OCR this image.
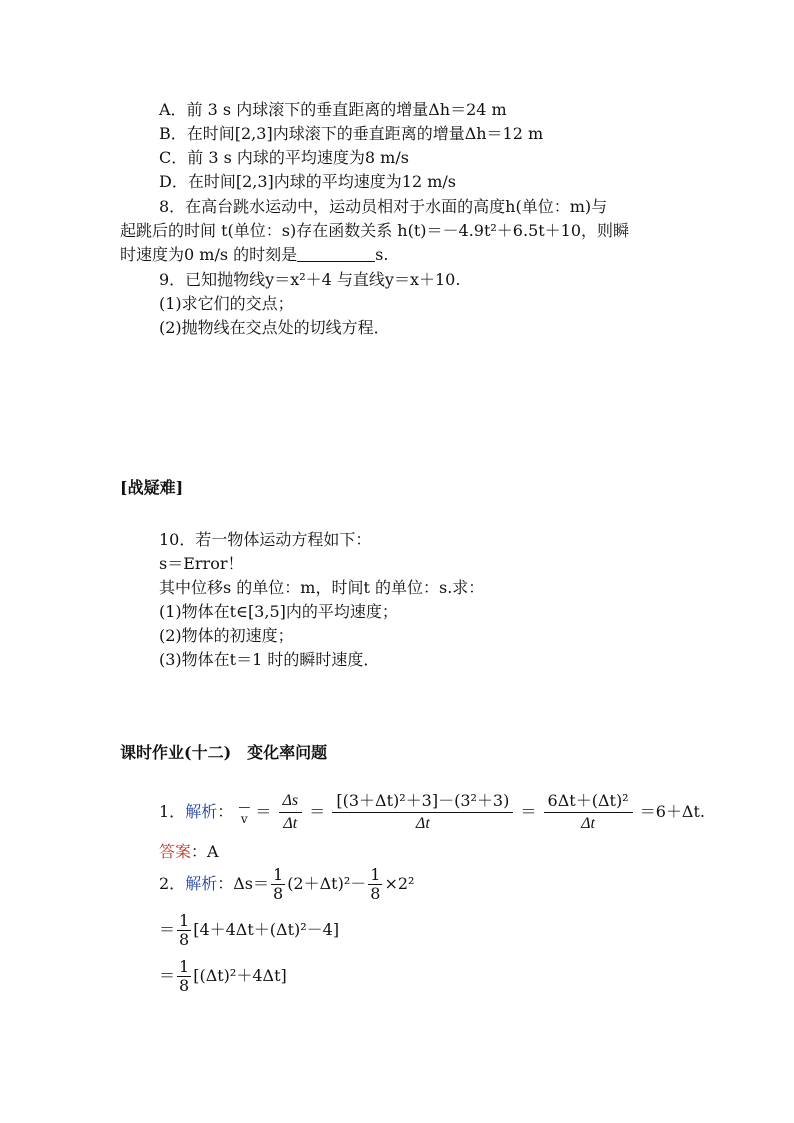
A．前 3 s 内球滚下的垂直距离的增量Δh＝24 m
B．在时间[2,3]内球滚下的垂直距离的增量Δh＝12 m
C．前 3 s 内球的平均速度为8 m/s
D．在时间[2,3]内球的平均速度为12 m/s
8．在高台跳水运动中，运动员相对于水面的高度h(单位：m)与
起跳后的时间 t(单位：s)存在函数关系 h(t)＝－4.9t²＋6.5t＋10，则瞬
时速度为0 m/s 的时刻是	s.
9．已知抛物线y＝x²＋4 与直线y＝x＋10.
(1)求它们的交点；
(2)抛物线在交点处的切线方程．
[战疑难]
10．若一物体运动方程如下：
s＝Error！
其中位移s 的单位：m，时间t 的单位：s.求：
(1)物体在t∈[3,5]内的平均速度；
(2)物体的初速度；
(3)物体在t＝1 时的瞬时速度．
课时作业(十二)　变化率问题
1．解析： —
$v = \frac{\Delta s}{\Delta t} = \frac{\text{[(3＋Δt)²＋3]－(3²＋3)}}{\Delta t} = \frac{\text{6Δt＋(Δt)²}}{\Delta t} =6+\Delta t$.
答案：A
2．解析：$\Delta s= \frac{1}{8} (2+\Delta t)^2- \frac{1}{8} \times 2^2$
＝ $\frac{1}{8} [4+4\Delta t+(\Delta t)^2-4]$
＝ $\frac{1}{8} [(\Delta t)^2+4\Delta t]$
